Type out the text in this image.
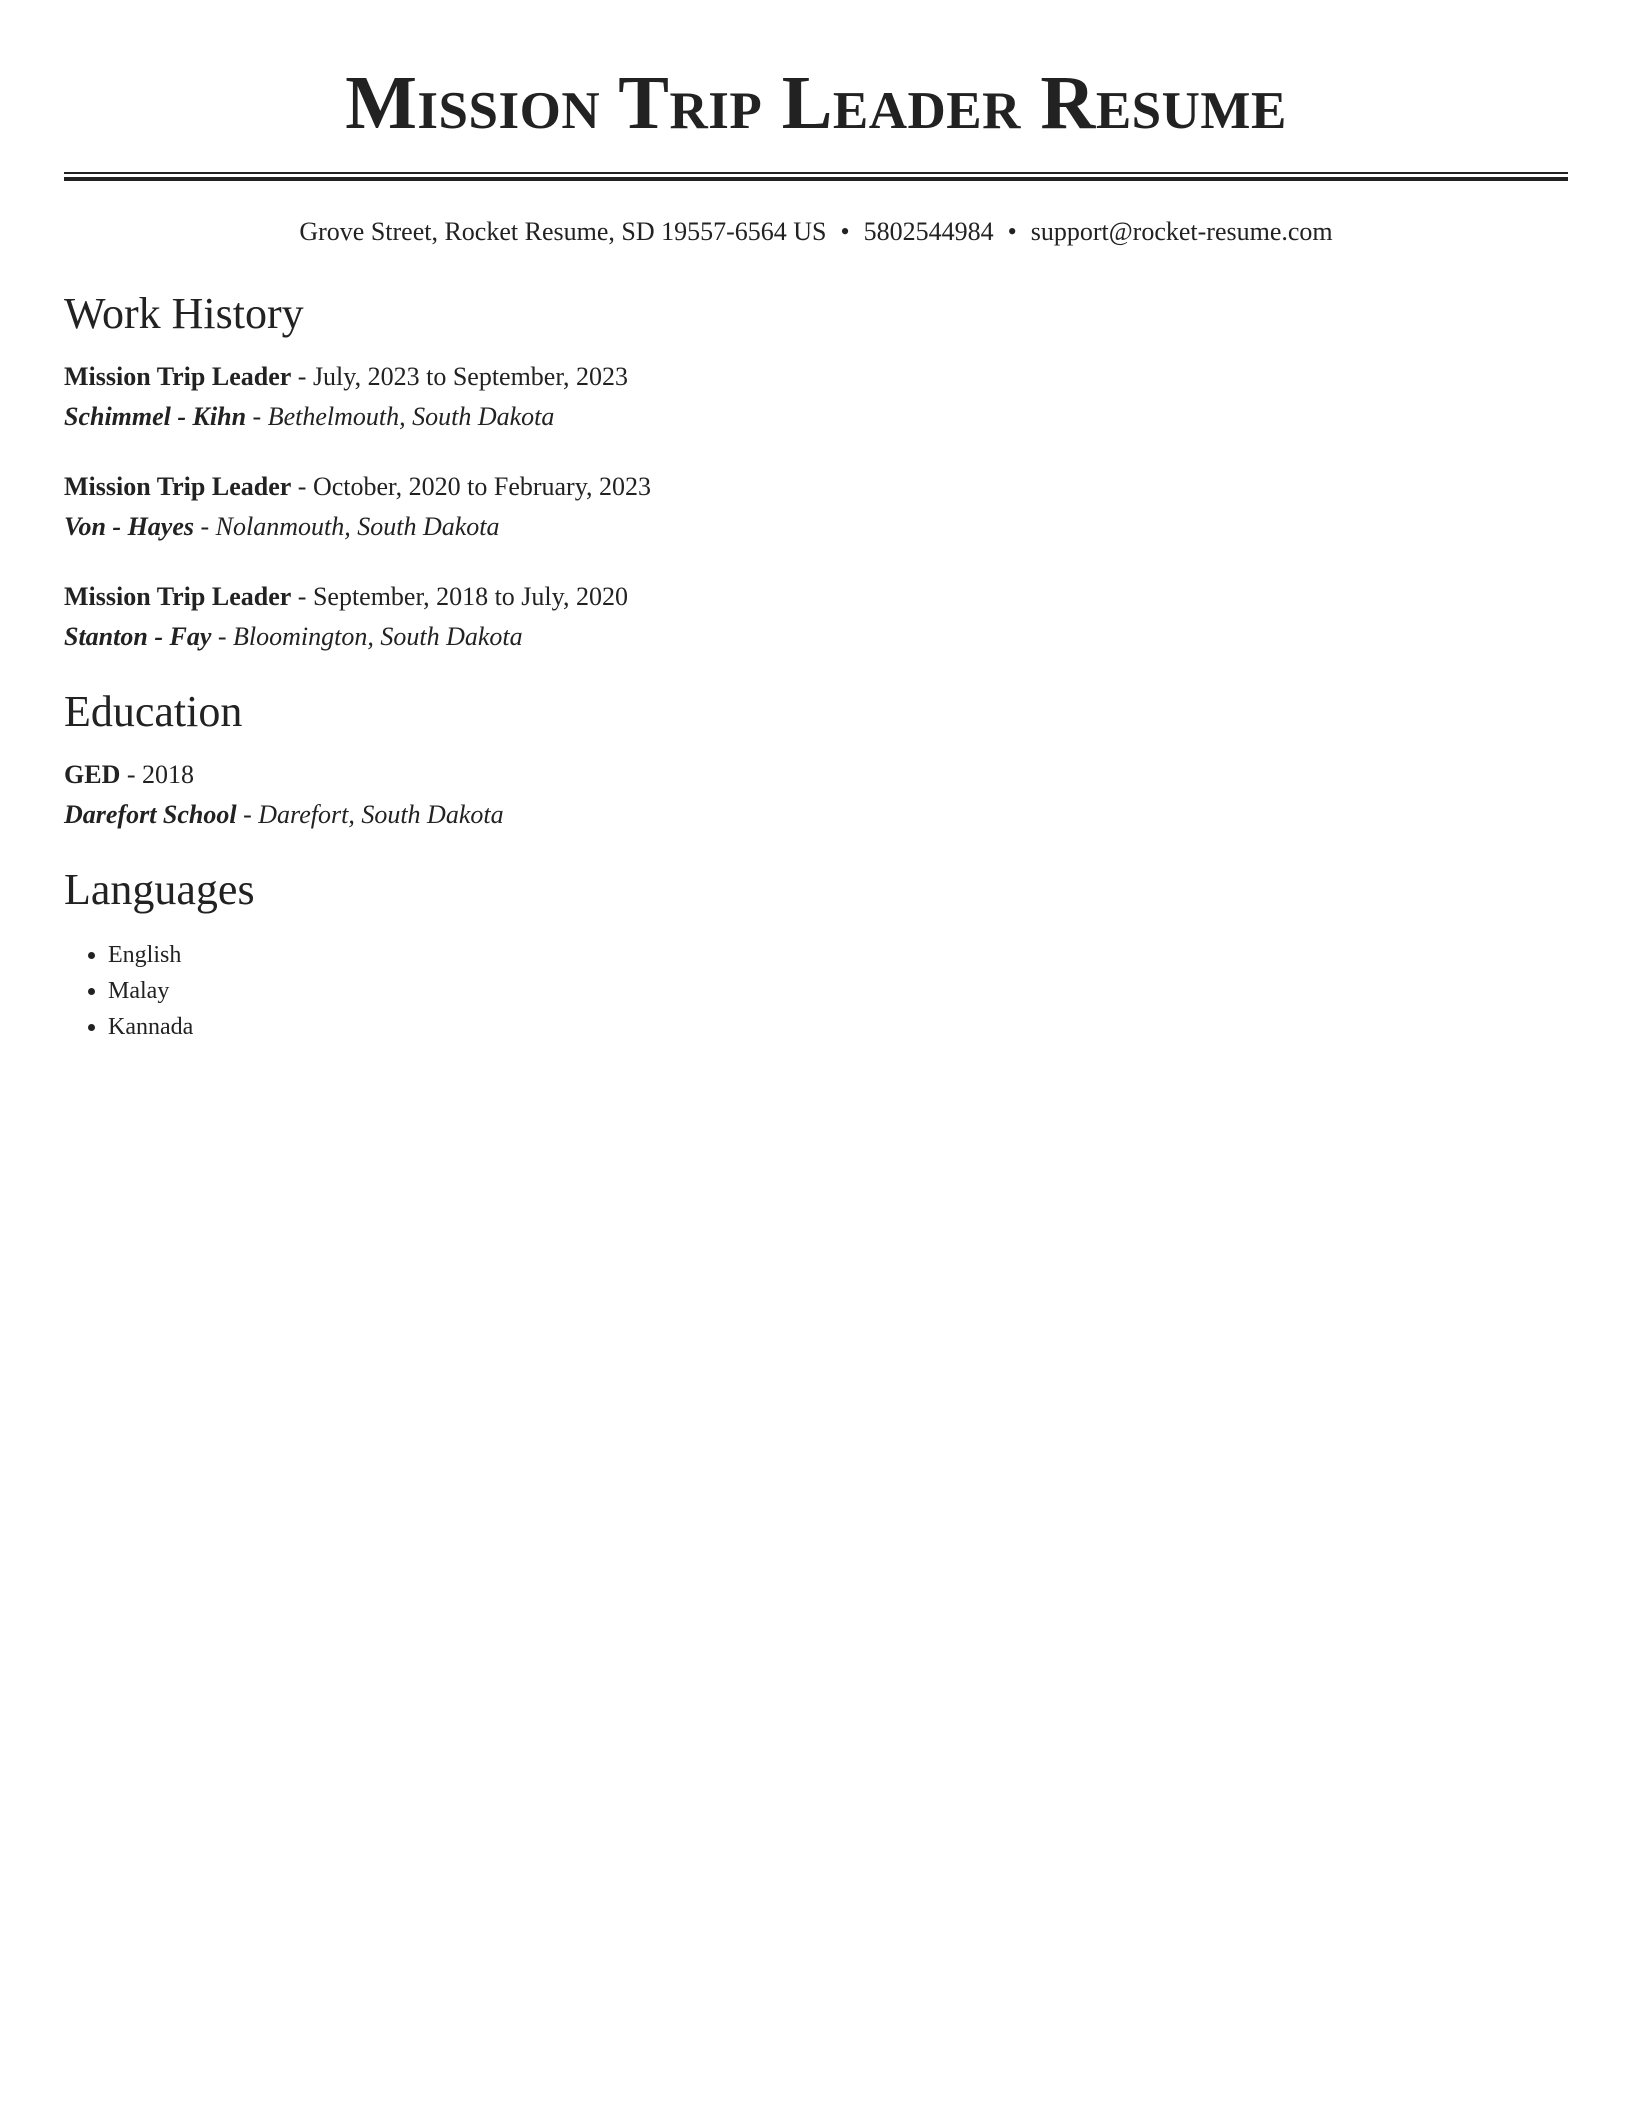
Mission Trip Leader Resume
Grove Street, Rocket Resume, SD 19557-6564 US • 5802544984 • support@rocket-resume.com
Work History
Mission Trip Leader - July, 2023 to September, 2023
Schimmel - Kihn - Bethelmouth, South Dakota
Mission Trip Leader - October, 2020 to February, 2023
Von - Hayes - Nolanmouth, South Dakota
Mission Trip Leader - September, 2018 to July, 2020
Stanton - Fay - Bloomington, South Dakota
Education
GED - 2018
Darefort School - Darefort, South Dakota
Languages
• English
• Malay
• Kannada
